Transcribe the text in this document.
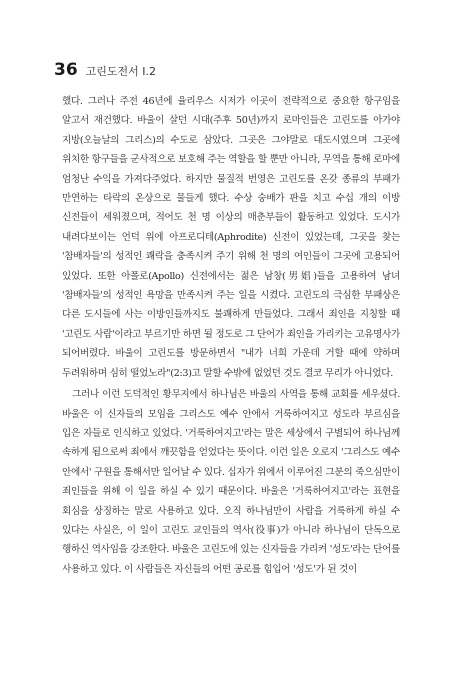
36 고린도전서 I.2

했다. 그러나 주전 46년에 율리우스 시저가 이곳이 전략적으로 중요한 항구임을 알고서 재건했다. 바울이 살던 시대(주후 50년)까지 로마인들은 고린도를 아가야 지방(오늘날의 그리스)의 수도로 삼았다. 그곳은 그야말로 대도시였으며 그곳에 위치한 항구들을 군사적으로 보호해 주는 역할을 할 뿐만 아니라, 무역을 통해 로마에 엄청난 수익을 가져다주었다. 하지만 물질적 번영은 고린도를 온갖 종류의 부패가 만연하는 타락의 온상으로 물들게 했다. 수상 숭배가 판을 치고 수십 개의 이방 신전들이 세워졌으며, 적어도 천 명 이상의 매춘부들이 활동하고 있었다. 도시가 내려다보이는 언덕 위에 아프로디테(Aphrodite) 신전이 있었는데, 그곳을 찾는 '참배자들'의 성적인 쾌락을 충족시켜 주기 위해 천 명의 여인들이 그곳에 고용되어 있었다. 또한 아폴로(Apollo) 신전에서는 젊은 남창(男娼)들을 고용하여 남녀 '참배자들'의 성적인 욕망을 만족시켜 주는 일을 시켰다. 고린도의 극심한 부패상은 다른 도시들에 사는 이방인들까지도 불쾌하게 만들었다. 그래서 죄인을 지칭할 때 '고린도 사람'이라고 부르기만 하면 될 정도로 그 단어가 죄인을 가리키는 고유명사가 되어버렸다. 바울이 고린도를 방문하면서 "내가 너희 가운데 거할 때에 약하며 두려워하며 심히 떨었노라"(2:3)고 말할 수밖에 없었던 것도 결코 무리가 아니었다.

그러나 이런 도덕적인 황무지에서 하나님은 바울의 사역을 통해 교회를 세우셨다. 바울은 이 신자들의 모임을 그리스도 예수 안에서 거룩하여지고 성도라 부르심을 입은 자들로 인식하고 있었다. '거룩하여지고'라는 말은 세상에서 구별되어 하나님께 속하게 됨으로써 죄에서 깨끗함을 얻었다는 뜻이다. 이런 일은 오로지 '그리스도 예수 안에서' 구원을 통해서만 일어날 수 있다. 십자가 위에서 이루어진 그분의 죽으심만이 죄인들을 위해 이 일을 하실 수 있기 때문이다. 바울은 '거룩하여지고'라는 표현을 회심을 상징하는 말로 사용하고 있다. 오직 하나님만이 사람을 거룩하게 하실 수 있다는 사실은, 이 일이 고린도 교인들의 역사(役事)가 아니라 하나님이 단독으로 행하신 역사임을 강조한다. 바울은 고린도에 있는 신자들을 가리켜 '성도'라는 단어를 사용하고 있다. 이 사람들은 자신들의 어떤 공로를 힘입어 '성도'가 된 것이
